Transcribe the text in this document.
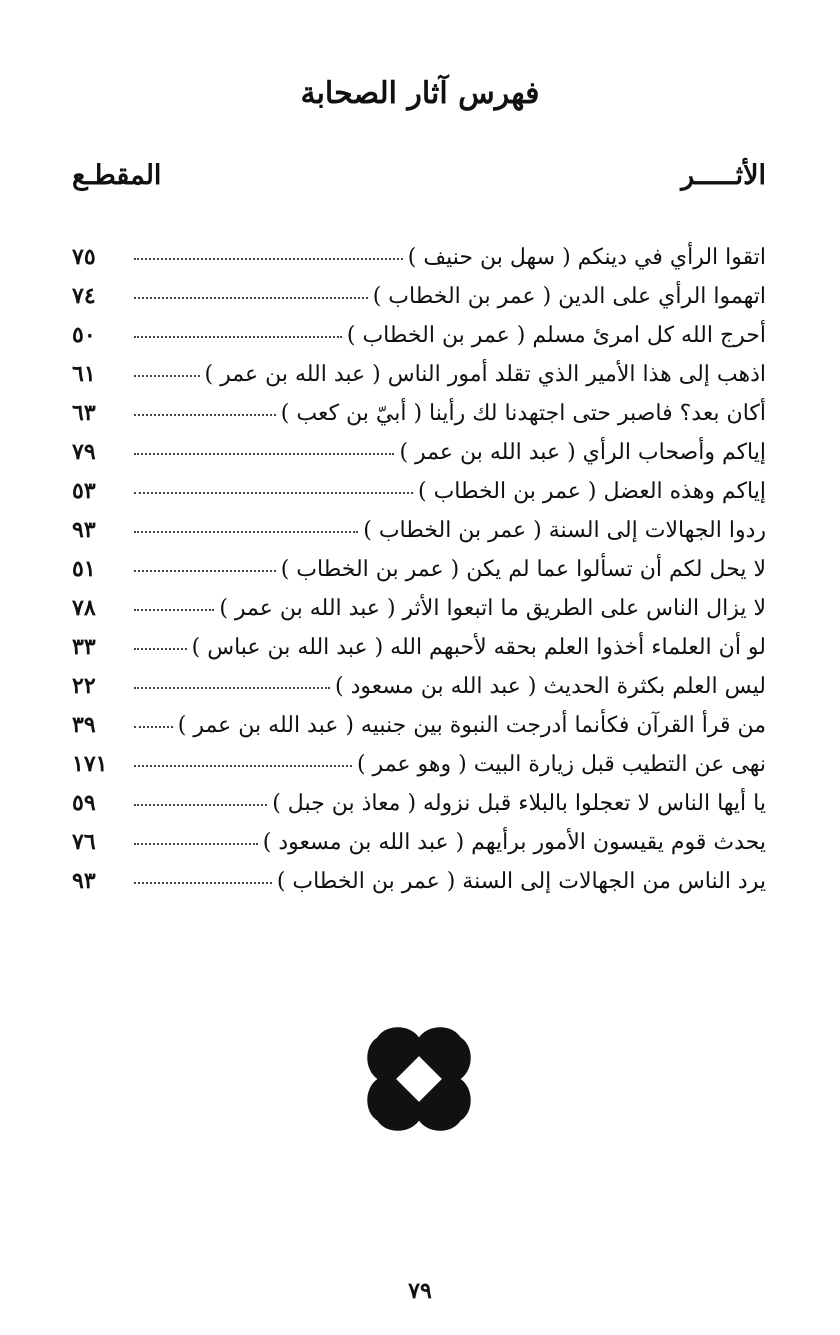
فهرس آثار الصحابة
الأثـــــر
المقطـع
اتقوا الرأي في دينكم ( سهل بن حنيف )
٧٥
اتهموا الرأي على الدين ( عمر بن الخطاب )
٧٤
أحرج الله كل امرئ مسلم ( عمر بن الخطاب )
٥٠
اذهب إلى هذا الأمير الذي تقلد أمور الناس ( عبد الله بن عمر )
٦١
أكان بعد؟ فاصبر حتى اجتهدنا لك رأينا ( أبيّ بن كعب )
٦٣
إياكم وأصحاب الرأي ( عبد الله بن عمر )
٧٩
إياكم وهذه العضل ( عمر بن الخطاب )
٥٣
ردوا الجهالات إلى السنة ( عمر بن الخطاب )
٩٣
لا يحل لكم أن تسألوا عما لم يكن ( عمر بن الخطاب )
٥١
لا يزال الناس على الطريق ما اتبعوا الأثر ( عبد الله بن عمر )
٧٨
لو أن العلماء أخذوا العلم بحقه لأحبهم الله ( عبد الله بن عباس )
٣٣
ليس العلم بكثرة الحديث ( عبد الله بن مسعود )
٢٢
من قرأ القرآن فكأنما أدرجت النبوة بين جنبيه ( عبد الله بن عمر )
٣٩
نهى عن التطيب قبل زيارة البيت ( وهو عمر )
١٧١
يا أيها الناس لا تعجلوا بالبلاء قبل نزوله ( معاذ بن جبل )
٥٩
يحدث قوم يقيسون الأمور برأيهم ( عبد الله بن مسعود )
٧٦
يرد الناس من الجهالات إلى السنة ( عمر بن الخطاب )
٩٣
٧٩
